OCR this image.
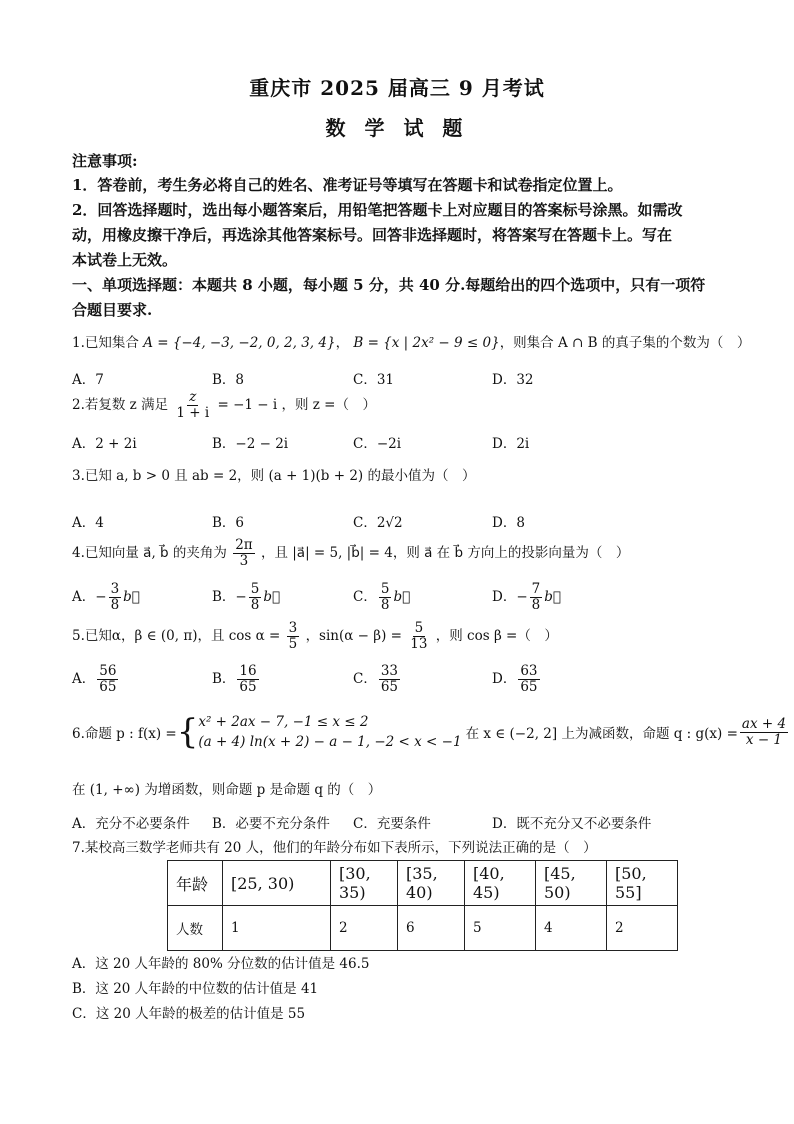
重庆市 2025 届高三 9 月考试
数 学 试 题
注意事项:
1．答卷前，考生务必将自己的姓名、准考证号等填写在答题卡和试卷指定位置上。
2．回答选择题时，选出每小题答案后，用铅笔把答题卡上对应题目的答案标号涂黑。如需改
动，用橡皮擦干净后，再选涂其他答案标号。回答非选择题时，将答案写在答题卡上。写在
本试卷上无效。
一、单项选择题：本题共 8 小题，每小题 5 分，共 40 分.每题给出的四个选项中，只有一项符
合题目要求.
1.已知集合 A = {−4, −3, −2, 0, 2, 3, 4}， B = {x | 2x² − 9 ≤ 0}，则集合 A ∩ B 的真子集的个数为（　）
A．7	B．8	C．31	D．32
2.若复数 z 满足 $\frac{z}{1 + i} = -1 - i$ ，则 z =（　）
A．2 + 2i	B．−2 − 2i	C．−2i	D．2i
3.已知 a, b > 0 且 ab = 2，则 (a + 1)(b + 2) 的最小值为（　）
A．4	B．6	C．2√2	D．8
4.已知向量 a⃗, b⃗ 的夹角为 $\frac{2\pi}{3}$ ，且 |a⃗| = 5, |b⃗| = 4，则 a⃗ 在 b⃗ 方向上的投影向量为（　）
A．− $\frac{3}{8}$ b⃗	B．− $\frac{5}{8}$ b⃗	C． $\frac{5}{8}$ b⃗	D．− $\frac{7}{8}$ b⃗
5.已知α，β ∈ (0, π)，且 $\cos \alpha = \frac{3}{5}$ ，$\sin(\alpha - \beta) = \frac{5}{13}$ ，则 cos β =（　）
A． $\frac{56}{65}$	B． $\frac{16}{65}$	C． $\frac{33}{65}$	D． $\frac{63}{65}$
6.命题 p : f(x) = { x² + 2ax − 7, −1 ≤ x ≤ 2
(a + 4) ln(x + 2) − a − 1, −2 < x < −1 在 x ∈ (−2, 2] 上为减函数，命题 q : $g(x) = \frac{ax + 4}{x - 1}$
在 (1, +∞) 为增函数，则命题 p 是命题 q 的（　）
A．充分不必要条件 B．必要不充分条件 C．充要条件	D．既不充分又不必要条件
7.某校高三数学老师共有 20 人，他们的年龄分布如下表所示，下列说法正确的是（　）
年龄	[25, 30)	[30, 35)	[35, 40)	[40, 45)	[45, 50)	[50, 55]
人数	1	2	6	5	4	2
A．这 20 人年龄的 80% 分位数的估计值是 46.5
B．这 20 人年龄的中位数的估计值是 41
C．这 20 人年龄的极差的估计值是 55
